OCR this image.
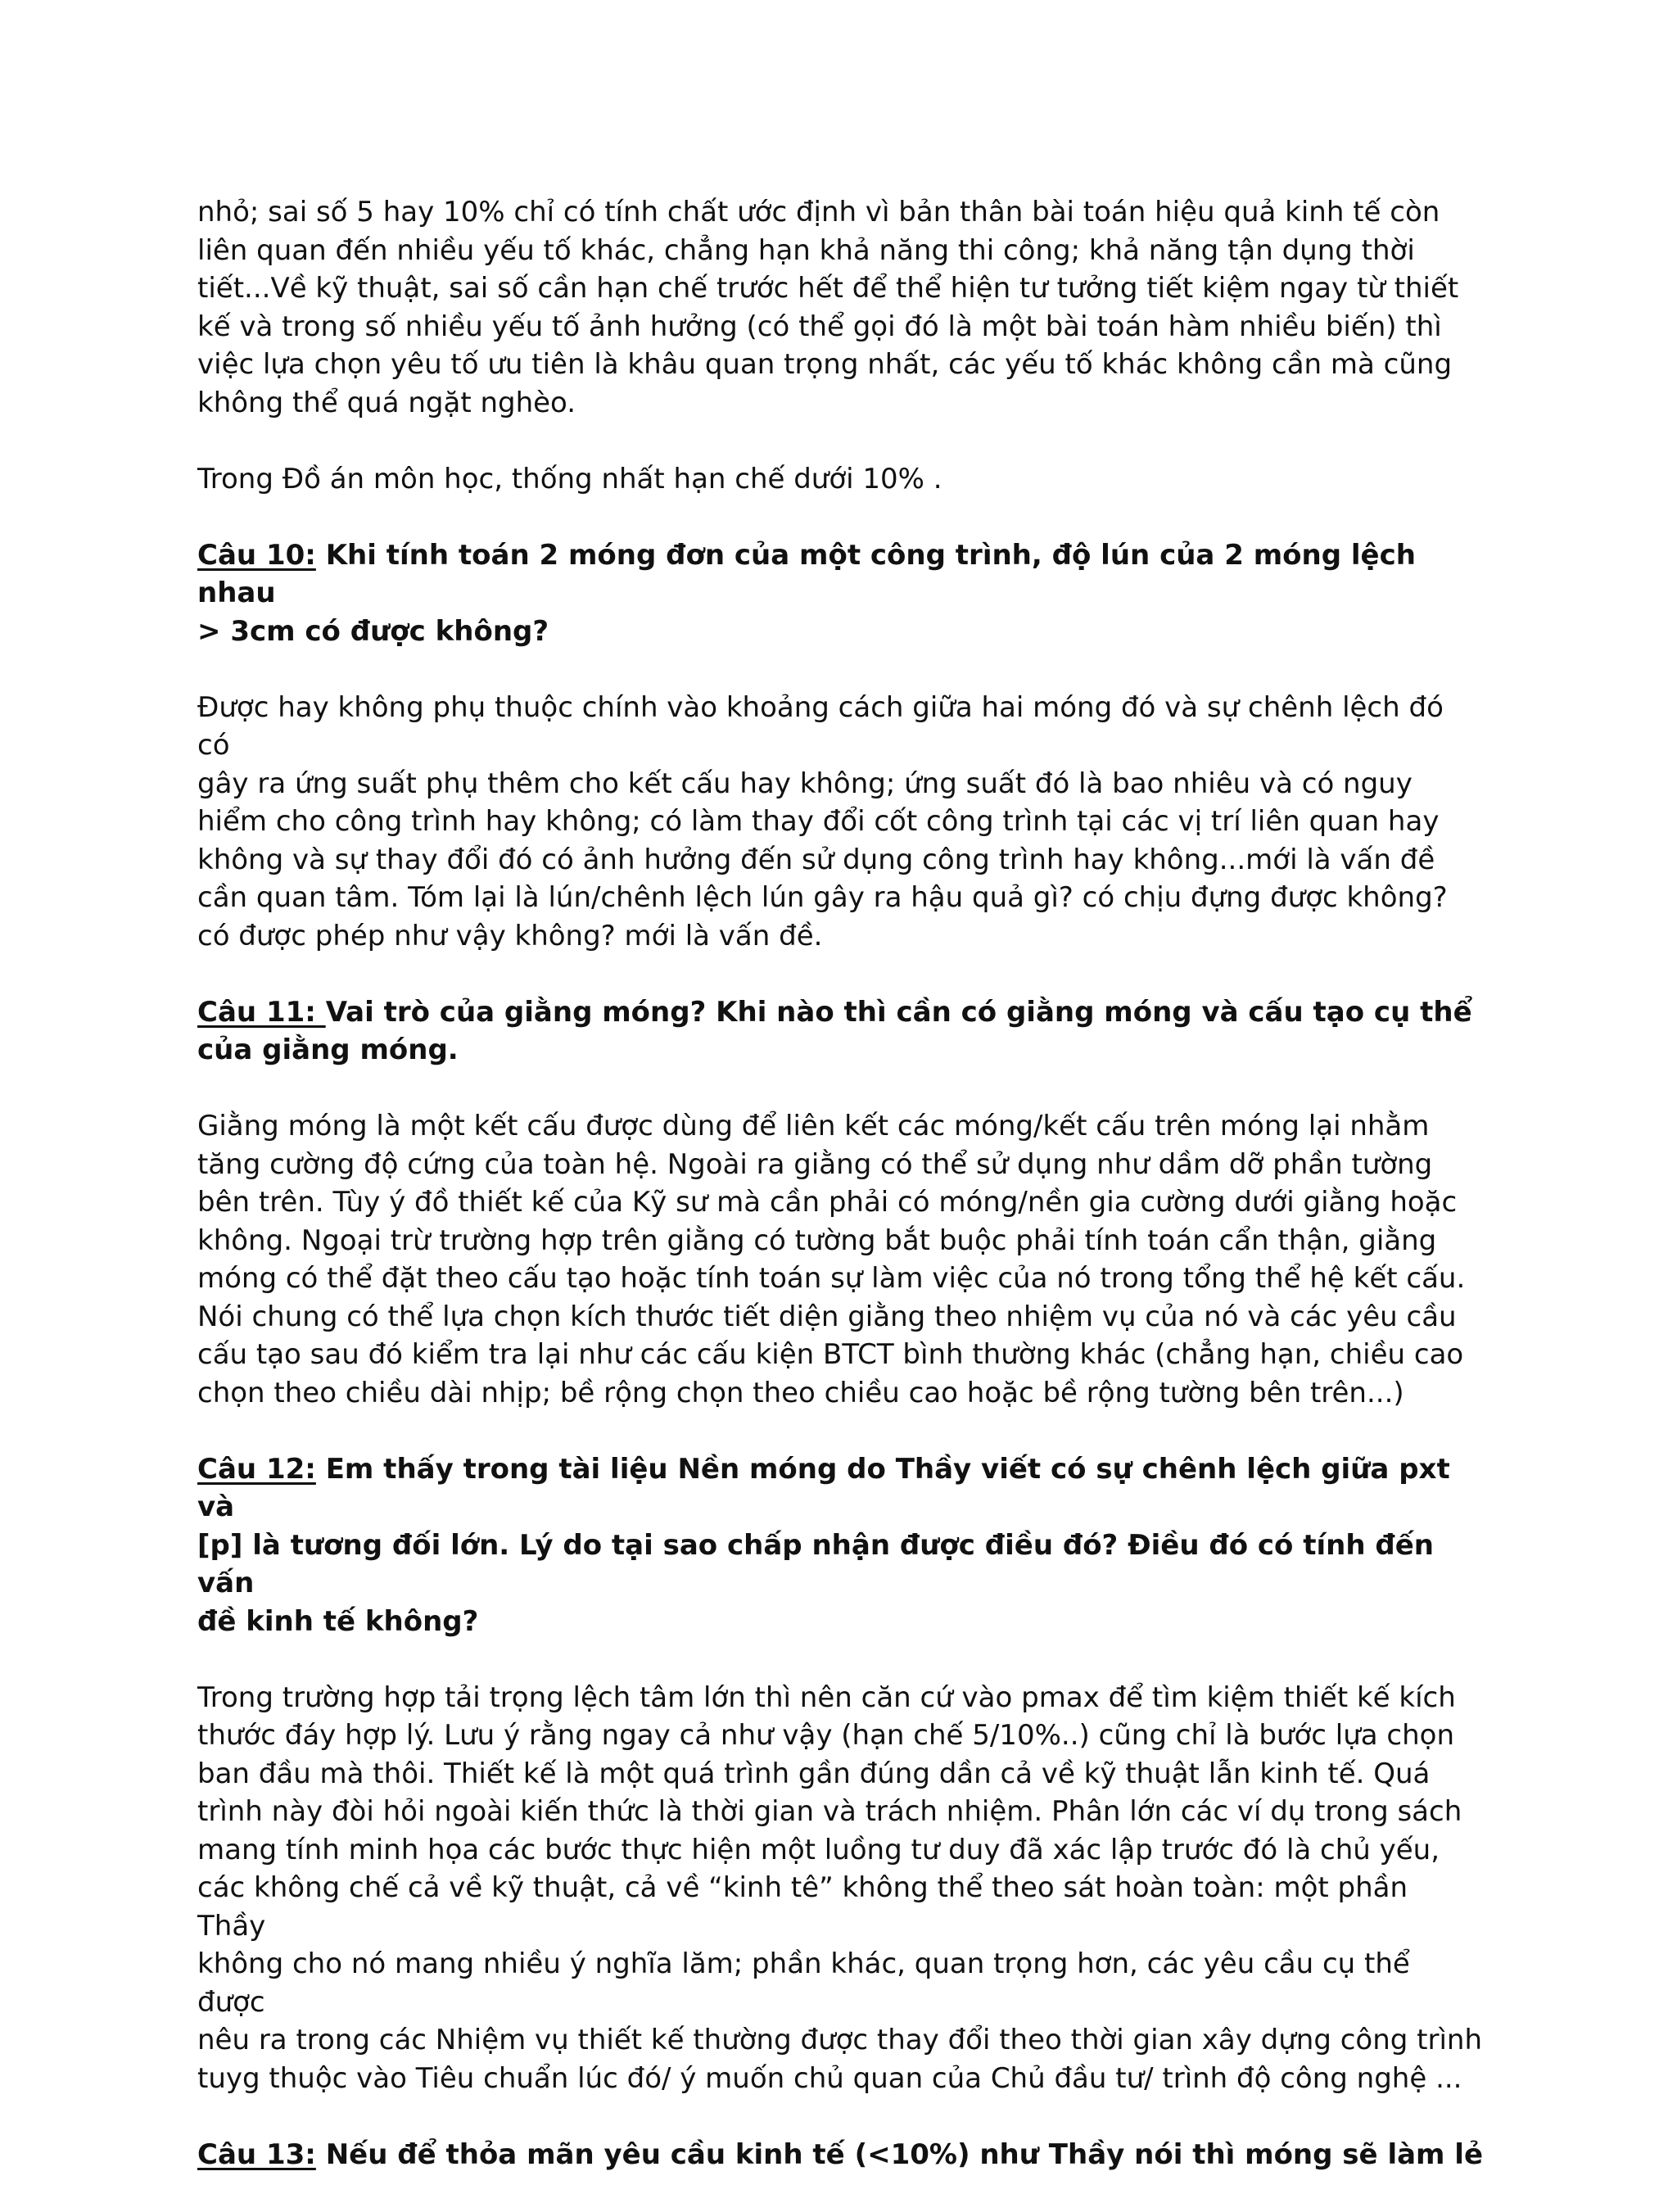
nhỏ; sai số 5 hay 10% chỉ có tính chất ước định vì bản thân bài toán hiệu quả kinh tế còn
liên quan đến nhiều yếu tố khác, chẳng hạn khả năng thi công; khả năng tận dụng thời
tiết...Về kỹ thuật, sai số cần hạn chế trước hết để thể hiện tư tưởng tiết kiệm ngay từ thiết
kế và trong số nhiều yếu tố ảnh hưởng (có thể gọi đó là một bài toán hàm nhiều biến) thì
việc lựa chọn yêu tố ưu tiên là khâu quan trọng nhất, các yếu tố khác không cần mà cũng
không thể quá ngặt nghèo.

Trong Đồ án môn học, thống nhất hạn chế dưới 10% .

Câu 10: Khi tính toán 2 móng đơn của một công trình, độ lún của 2 móng lệch nhau
> 3cm có được không?

Được hay không phụ thuộc chính vào khoảng cách giữa hai móng đó và sự chênh lệch đó có
gây ra ứng suất phụ thêm cho kết cấu hay không; ứng suất đó là bao nhiêu và có nguy
hiểm cho công trình hay không; có làm thay đổi cốt công trình tại các vị trí liên quan hay
không và sự thay đổi đó có ảnh hưởng đến sử dụng công trình hay không...mới là vấn đề
cần quan tâm. Tóm lại là lún/chênh lệch lún gây ra hậu quả gì? có chịu đựng được không?
có được phép như vậy không? mới là vấn đề.

Câu 11: Vai trò của giằng móng? Khi nào thì cần có giằng móng và cấu tạo cụ thể
của giằng móng.

Giằng móng là một kết cấu được dùng để liên kết các móng/kết cấu trên móng lại nhằm
tăng cường độ cứng của toàn hệ. Ngoài ra giằng có thể sử dụng như dầm dỡ phần tường
bên trên. Tùy ý đồ thiết kế của Kỹ sư mà cần phải có móng/nền gia cường dưới giằng hoặc
không. Ngoại trừ trường hợp trên giằng có tường bắt buộc phải tính toán cẩn thận, giằng
móng có thể đặt theo cấu tạo hoặc tính toán sự làm việc của nó trong tổng thể hệ kết cấu.
Nói chung có thể lựa chọn kích thước tiết diện giằng theo nhiệm vụ của nó và các yêu cầu
cấu tạo sau đó kiểm tra lại như các cấu kiện BTCT bình thường khác (chẳng hạn, chiều cao
chọn theo chiều dài nhịp; bề rộng chọn theo chiều cao hoặc bề rộng tường bên trên...)

Câu 12: Em thấy trong tài liệu Nền móng do Thầy viết có sự chênh lệch giữa pxt và
[p] là tương đối lớn. Lý do tại sao chấp nhận được điều đó? Điều đó có tính đến vấn
đề kinh tế không?

Trong trường hợp tải trọng lệch tâm lớn thì nên căn cứ vào pmax để tìm kiệm thiết kế kích
thước đáy hợp lý. Lưu ý rằng ngay cả như vậy (hạn chế 5/10%..) cũng chỉ là bước lựa chọn
ban đầu mà thôi. Thiết kế là một quá trình gần đúng dần cả về kỹ thuật lẫn kinh tế. Quá
trình này đòi hỏi ngoài kiến thức là thời gian và trách nhiệm. Phân lớn các ví dụ trong sách
mang tính minh họa các bước thực hiện một luồng tư duy đã xác lập trước đó là chủ yếu,
các không chế cả về kỹ thuật, cả về “kinh tê” không thể theo sát hoàn toàn: một phần Thầy
không cho nó mang nhiều ý nghĩa lăm; phần khác, quan trọng hơn, các yêu cầu cụ thể được
nêu ra trong các Nhiệm vụ thiết kế thường được thay đổi theo thời gian xây dựng công trình
tuyg thuộc vào Tiêu chuẩn lúc đó/ ý muốn chủ quan của Chủ đầu tư/ trình độ công nghệ ...

Câu 13: Nếu để thỏa mãn yêu cầu kinh tế (<10%) như Thầy nói thì móng sẽ làm lẻ
